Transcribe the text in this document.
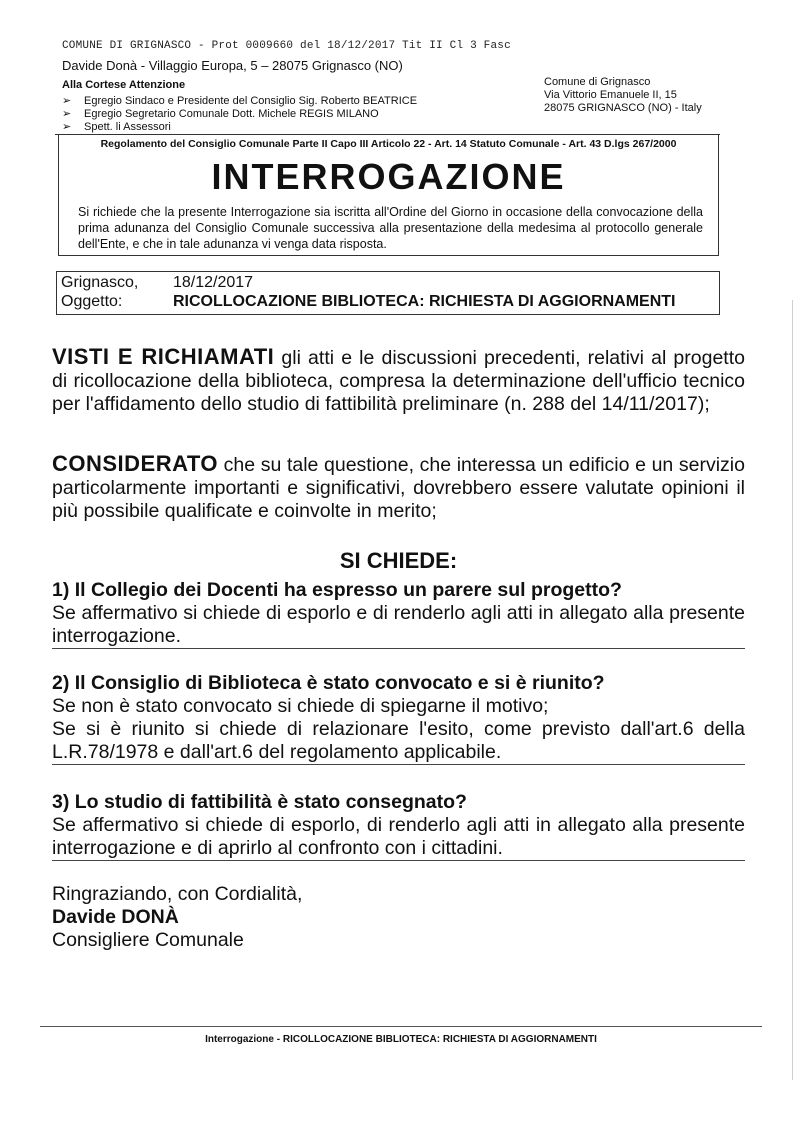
COMUNE DI GRIGNASCO - Prot 0009660 del 18/12/2017 Tit II Cl 3 Fasc
Davide Donà - Villaggio Europa, 5 – 28075 Grignasco (NO)
Alla Cortese Attenzione
➢ Egregio Sindaco e Presidente del Consiglio Sig. Roberto BEATRICE
➢ Egregio Segretario Comunale Dott. Michele REGIS MILANO
➢ Spett. li Assessori
Comune di Grignasco
Via Vittorio Emanuele II, 15
28075 GRIGNASCO (NO) - Italy
Regolamento del Consiglio Comunale Parte II Capo III Articolo 22 - Art. 14 Statuto Comunale - Art. 43 D.lgs 267/2000
INTERROGAZIONE
Si richiede che la presente Interrogazione sia iscritta all'Ordine del Giorno in occasione della convocazione della prima adunanza del Consiglio Comunale successiva alla presentazione della medesima al protocollo generale dell'Ente, e che in tale adunanza vi venga data risposta.
Grignasco, 18/12/2017
Oggetto:	RICOLLOCAZIONE BIBLIOTECA: RICHIESTA DI AGGIORNAMENTI
VISTI E RICHIAMATI gli atti e le discussioni precedenti, relativi al progetto di ricollocazione della biblioteca, compresa la determinazione dell'ufficio tecnico per l'affidamento dello studio di fattibilità preliminare (n. 288 del 14/11/2017);
CONSIDERATO che su tale questione, che interessa un edificio e un servizio particolarmente importanti e significativi, dovrebbero essere valutate opinioni il più possibile qualificate e coinvolte in merito;
SI CHIEDE:
1) Il Collegio dei Docenti ha espresso un parere sul progetto?
Se affermativo si chiede di esporlo e di renderlo agli atti in allegato alla presente interrogazione.
2) Il Consiglio di Biblioteca è stato convocato e si è riunito?
Se non è stato convocato si chiede di spiegarne il motivo;
Se si è riunito si chiede di relazionare l'esito, come previsto dall'art.6 della L.R.78/1978 e dall'art.6 del regolamento applicabile.
3) Lo studio di fattibilità è stato consegnato?
Se affermativo si chiede di esporlo, di renderlo agli atti in allegato alla presente interrogazione e di aprirlo al confronto con i cittadini.
Ringraziando, con Cordialità,
Davide DONÀ
Consigliere Comunale
Interrogazione - RICOLLOCAZIONE BIBLIOTECA: RICHIESTA DI AGGIORNAMENTI
